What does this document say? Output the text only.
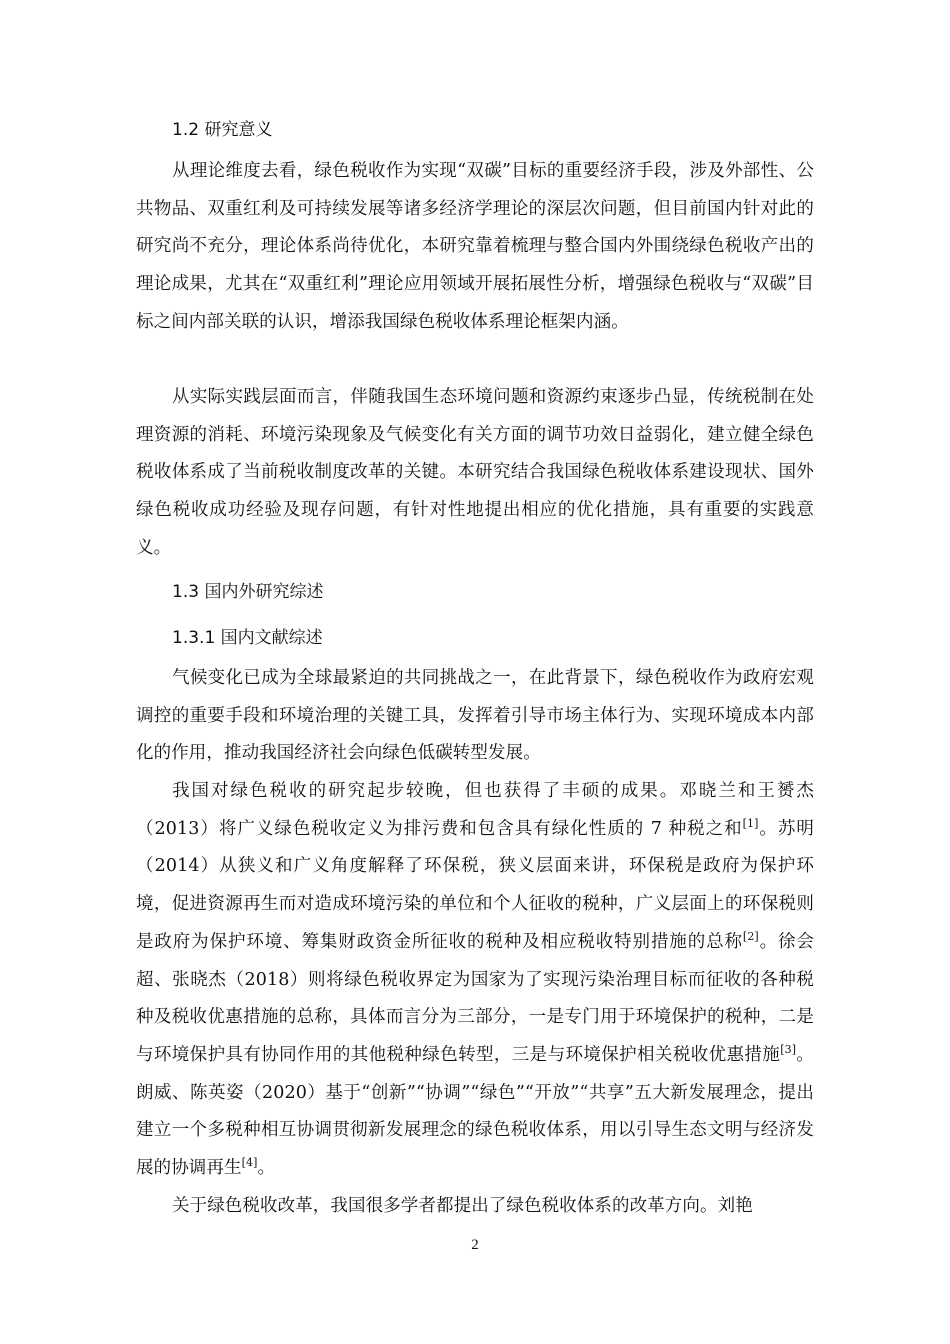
1.2 研究意义

从理论维度去看，绿色税收作为实现“双碳”目标的重要经济手段，涉及外部性、公共物品、双重红利及可持续发展等诸多经济学理论的深层次问题，但目前国内针对此的研究尚不充分，理论体系尚待优化，本研究靠着梳理与整合国内外围绕绿色税收产出的理论成果，尤其在“双重红利”理论应用领域开展拓展性分析，增强绿色税收与“双碳”目标之间内部关联的认识，增添我国绿色税收体系理论框架内涵。

从实际实践层面而言，伴随我国生态环境问题和资源约束逐步凸显，传统税制在处理资源的消耗、环境污染现象及气候变化有关方面的调节功效日益弱化，建立健全绿色税收体系成了当前税收制度改革的关键。本研究结合我国绿色税收体系建设现状、国外绿色税收成功经验及现存问题，有针对性地提出相应的优化措施，具有重要的实践意义。

1.3 国内外研究综述
1.3.1 国内文献综述

气候变化已成为全球最紧迫的共同挑战之一，在此背景下，绿色税收作为政府宏观调控的重要手段和环境治理的关键工具，发挥着引导市场主体行为、实现环境成本内部化的作用，推动我国经济社会向绿色低碳转型发展。

我国对绿色税收的研究起步较晚，但也获得了丰硕的成果。邓晓兰和王赟杰（2013）将广义绿色税收定义为排污费和包含具有绿化性质的 7 种税之和[1]。苏明（2014）从狭义和广义角度解释了环保税，狭义层面来讲，环保税是政府为保护环境，促进资源再生而对造成环境污染的单位和个人征收的税种，广义层面上的环保税则是政府为保护环境、筹集财政资金所征收的税种及相应税收特别措施的总称[2]。徐会超、张晓杰（2018）则将绿色税收界定为国家为了实现污染治理目标而征收的各种税种及税收优惠措施的总称，具体而言分为三部分，一是专门用于环境保护的税种，二是与环境保护具有协同作用的其他税种绿色转型，三是与环境保护相关税收优惠措施[3]。朗威、陈英姿（2020）基于“创新”“协调”“绿色”“开放”“共享”五大新发展理念，提出建立一个多税种相互协调贯彻新发展理念的绿色税收体系，用以引导生态文明与经济发展的协调再生[4]。

关于绿色税收改革，我国很多学者都提出了绿色税收体系的改革方向。刘艳

2
